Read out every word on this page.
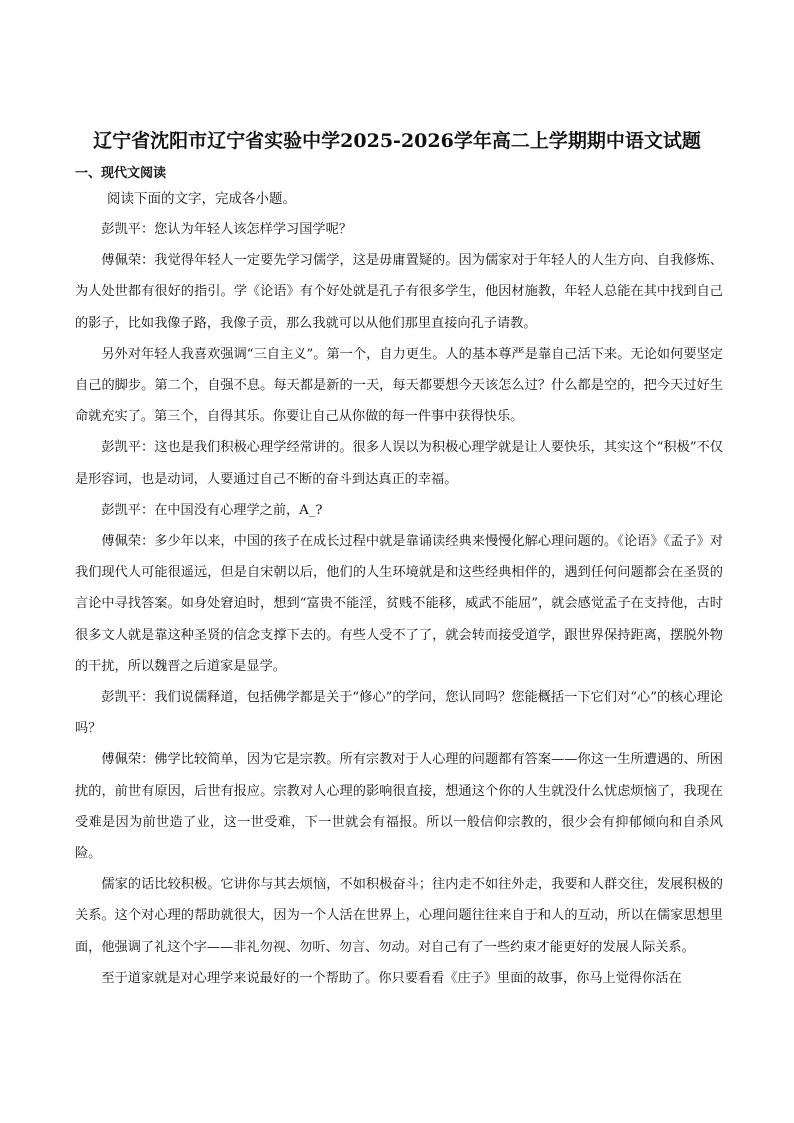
辽宁省沈阳市辽宁省实验中学2025-2026学年高二上学期期中语文试题
一、现代文阅读
阅读下面的文字，完成各小题。

彭凯平：您认为年轻人该怎样学习国学呢？

傅佩荣：我觉得年轻人一定要先学习儒学，这是毋庸置疑的。因为儒家对于年轻人的人生方向、自我修炼、为人处世都有很好的指引。学《论语》有个好处就是孔子有很多学生，他因材施教，年轻人总能在其中找到自己的影子，比如我像子路，我像子贡，那么我就可以从他们那里直接向孔子请教。

另外对年轻人我喜欢强调“三自主义”。第一个，自力更生。人的基本尊严是靠自己活下来。无论如何要坚定自己的脚步。第二个，自强不息。每天都是新的一天，每天都要想今天该怎么过？什么都是空的，把今天过好生命就充实了。第三个，自得其乐。你要让自己从你做的每一件事中获得快乐。

彭凯平：这也是我们积极心理学经常讲的。很多人误以为积极心理学就是让人要快乐，其实这个“积极”不仅是形容词，也是动词，人要通过自己不断的奋斗到达真正的幸福。

彭凯平：在中国没有心理学之前，A_?

傅佩荣：多少年以来，中国的孩子在成长过程中就是靠诵读经典来慢慢化解心理问题的。《论语》《孟子》对我们现代人可能很遥远，但是自宋朝以后，他们的人生环境就是和这些经典相伴的，遇到任何问题都会在圣贤的言论中寻找答案。如身处窘迫时，想到“富贵不能淫，贫贱不能移，威武不能屈”，就会感觉孟子在支持他，古时很多文人就是靠这种圣贤的信念支撑下去的。有些人受不了了，就会转而接受道学，跟世界保持距离，摆脱外物的干扰，所以魏晋之后道家是显学。

彭凯平：我们说儒释道，包括佛学都是关于“修心”的学问，您认同吗？您能概括一下它们对“心”的核心理论吗？

傅佩荣：佛学比较简单，因为它是宗教。所有宗教对于人心理的问题都有答案——你这一生所遭遇的、所困扰的，前世有原因，后世有报应。宗教对人心理的影响很直接，想通这个你的人生就没什么忧虑烦恼了，我现在受难是因为前世造了业，这一世受难，下一世就会有福报。所以一般信仰宗教的，很少会有抑郁倾向和自杀风险。

儒家的话比较积极。它讲你与其去烦恼，不如积极奋斗；往内走不如往外走，我要和人群交往，发展积极的关系。这个对心理的帮助就很大，因为一个人活在世界上，心理问题往往来自于和人的互动，所以在儒家思想里面，他强调了礼这个字——非礼勿视、勿听、勿言、勿动。对自己有了一些约束才能更好的发展人际关系。

至于道家就是对心理学来说最好的一个帮助了。你只要看看《庄子》里面的故事，你马上觉得你活在
